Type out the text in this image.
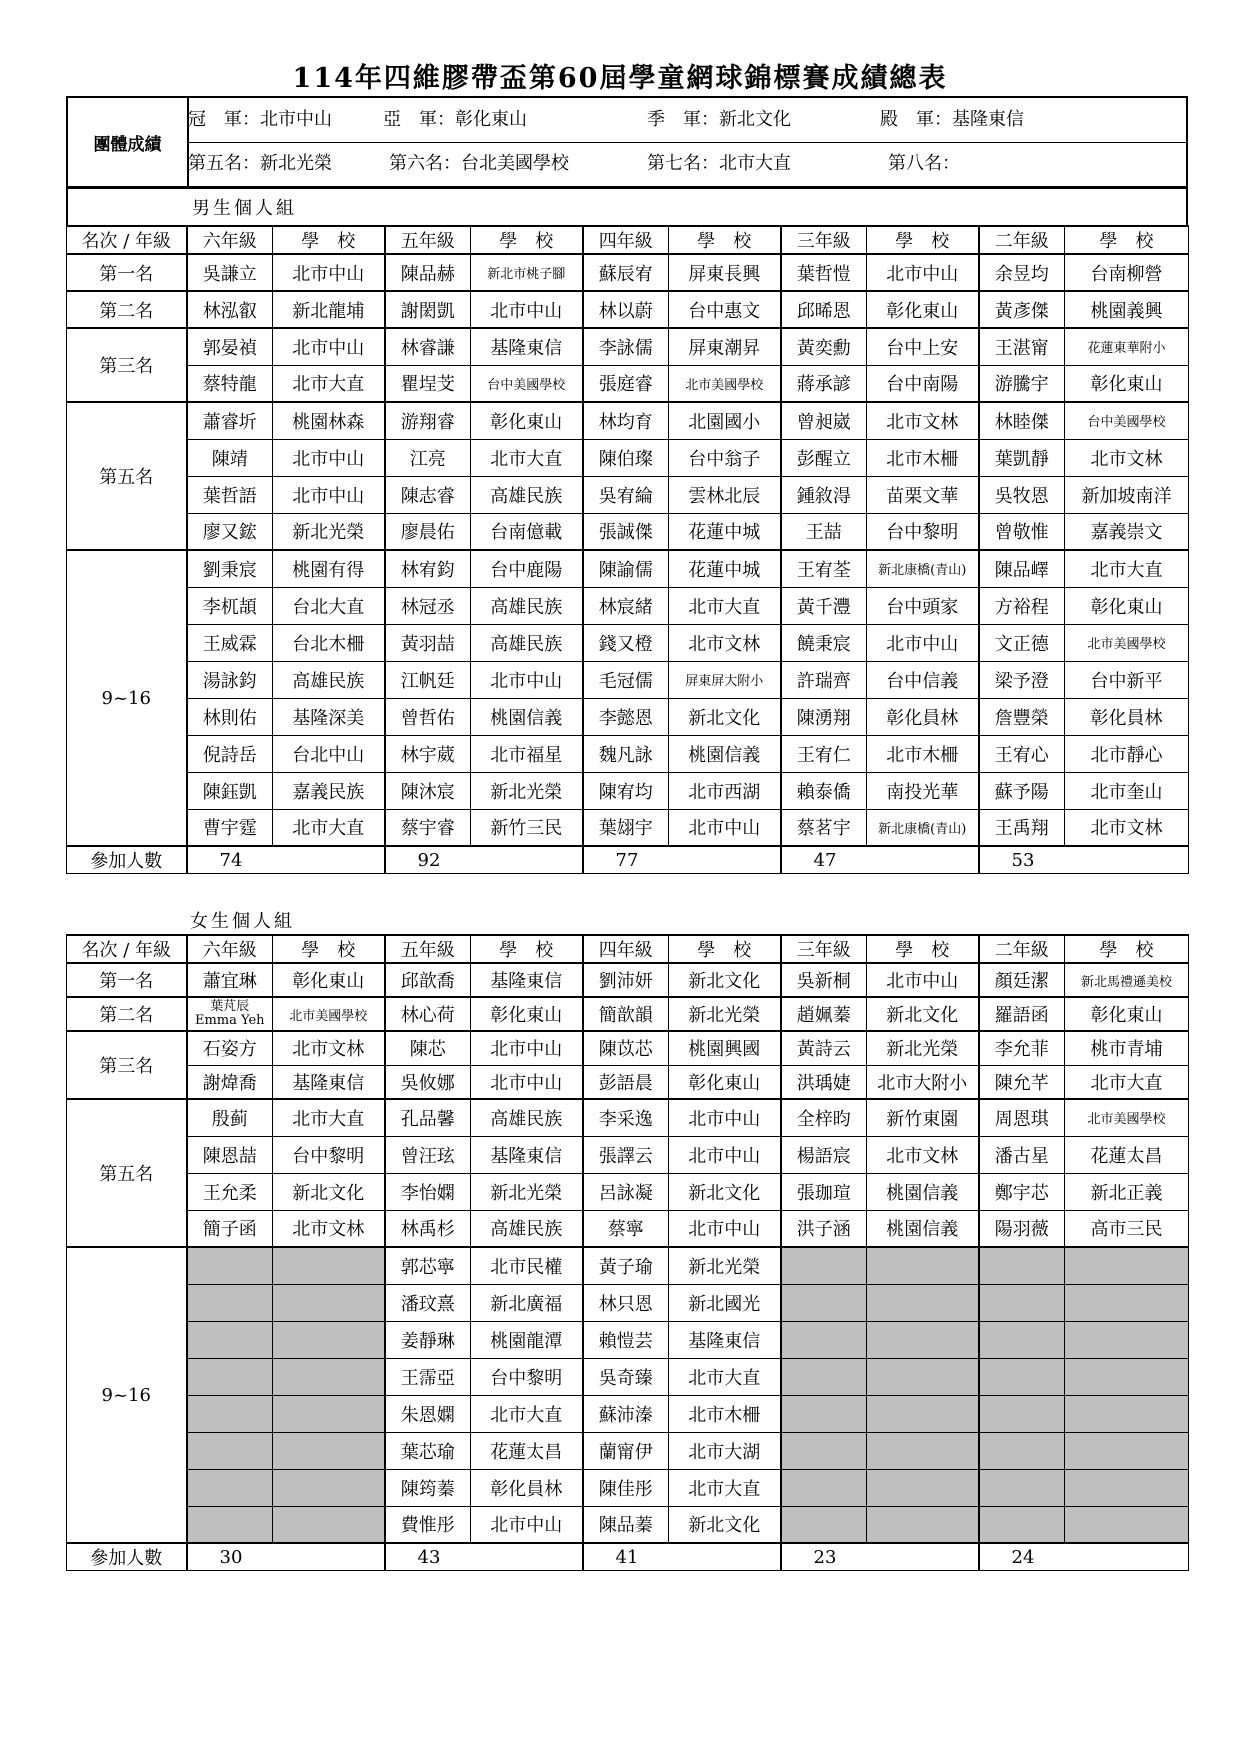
114年四維膠帶盃第60屆學童網球錦標賽成績總表
團體成績
冠　軍：北市中山	亞　軍：彰化東山	季　軍：新北文化	殿　軍：基隆東信
第五名：新北光榮	第六名：台北美國學校	第七名：北市大直	第八名：
男生個人組
名次 / 年級	六年級	學　校	五年級	學　校	四年級	學　校	三年級	學　校	二年級	學　校
第一名	吳謙立	北市中山	陳品赫	新北市桃子腳	蘇辰宥	屏東長興	葉哲愷	北市中山	余昱均	台南柳營
第二名	林泓叡	新北龍埔	謝閎凱	北市中山	林以蔚	台中惠文	邱晞恩	彰化東山	黃彥傑	桃園義興
第三名	郭晏禎	北市中山	林睿謙	基隆東信	李詠儒	屏東潮昇	黃奕勳	台中上安	王湛甯	花蓮東華附小
	蔡特龍	北市大直	瞿埕芠	台中美國學校	張庭睿	北市美國學校	蔣承諺	台中南陽	游騰宇	彰化東山
第五名	蕭睿圻	桃園林森	游翔睿	彰化東山	林均育	北園國小	曾昶崴	北市文林	林睦傑	台中美國學校
	陳靖	北市中山	江亮	北市大直	陳伯璨	台中翁子	彭醒立	北市木柵	葉凱靜	北市文林
	葉哲語	北市中山	陳志睿	高雄民族	吳宥綸	雲林北辰	鍾敘淂	苗栗文華	吳牧恩	新加坡南洋
	廖又鋐	新北光榮	廖晨佑	台南億載	張誠傑	花蓮中城	王喆	台中黎明	曾敬惟	嘉義崇文
9~16	劉秉宸	桃園有得	林宥鈞	台中鹿陽	陳諭儒	花蓮中城	王宥荃	新北康橋(青山)	陳品嶧	北市大直
	李杌頡	台北大直	林冠丞	高雄民族	林宸緒	北市大直	黃千灃	台中頭家	方裕程	彰化東山
	王威霖	台北木柵	黃羽喆	高雄民族	錢又橙	北市文林	饒秉宸	北市中山	文正德	北市美國學校
	湯詠鈞	高雄民族	江帆廷	北市中山	毛冠儒	屏東屏大附小	許瑞齊	台中信義	梁予澄	台中新平
	林則佑	基隆深美	曾哲佑	桃園信義	李懿恩	新北文化	陳湧翔	彰化員林	詹豐榮	彰化員林
	倪詩岳	台北中山	林宇葳	北市福星	魏凡詠	桃園信義	王宥仁	北市木柵	王宥心	北市靜心
	陳鈺凱	嘉義民族	陳沐宸	新北光榮	陳宥均	北市西湖	賴泰僑	南投光華	蘇予陽	北市奎山
	曹宇霆	北市大直	蔡宇睿	新竹三民	葉翃宇	北市中山	蔡茗宇	新北康橋(青山)	王禹翔	北市文林
參加人數	74		92		77		47		53	
女生個人組
名次 / 年級	六年級	學　校	五年級	學　校	四年級	學　校	三年級	學　校	二年級	學　校
第一名	蕭宜琳	彰化東山	邱歆喬	基隆東信	劉沛妍	新北文化	吳新桐	北市中山	顏廷潔	新北馬禮遜美校
第二名	葉芃辰
Emma Yeh	北市美國學校	林心荷	彰化東山	簡歆韻	新北光榮	趙姵蓁	新北文化	羅語函	彰化東山
第三名	石姿方	北市文林	陳芯	北市中山	陳苡芯	桃園興國	黃詩云	新北光榮	李允菲	桃市青埔
	謝煒喬	基隆東信	吳攸娜	北市中山	彭語晨	彰化東山	洪瑀婕	北市大附小	陳允芊	北市大直
第五名	殷蓟	北市大直	孔品馨	高雄民族	李采逸	北市中山	全梓昀	新竹東園	周恩琪	北市美國學校
	陳恩喆	台中黎明	曾汪玹	基隆東信	張譯云	北市中山	楊語宸	北市文林	潘古星	花蓮太昌
	王允柔	新北文化	李怡嫻	新北光榮	呂詠凝	新北文化	張珈瑄	桃園信義	鄭宇芯	新北正義
	簡子函	北市文林	林禹杉	高雄民族	蔡寧	北市中山	洪子涵	桃園信義	陽羽薇	高市三民
9~16			郭芯寧	北市民權	黃子瑜	新北光榮				
			潘玟熹	新北廣福	林只恩	新北國光				
			姜靜琳	桃園龍潭	賴愷芸	基隆東信				
			王霈亞	台中黎明	吳奇臻	北市大直				
			朱恩嫻	北市大直	蘇沛溱	北市木柵				
			葉芯瑜	花蓮太昌	蘭甯伊	北市大湖				
			陳筠蓁	彰化員林	陳佳彤	北市大直				
			費惟彤	北市中山	陳品蓁	新北文化				
參加人數	30		43		41		23		24	
